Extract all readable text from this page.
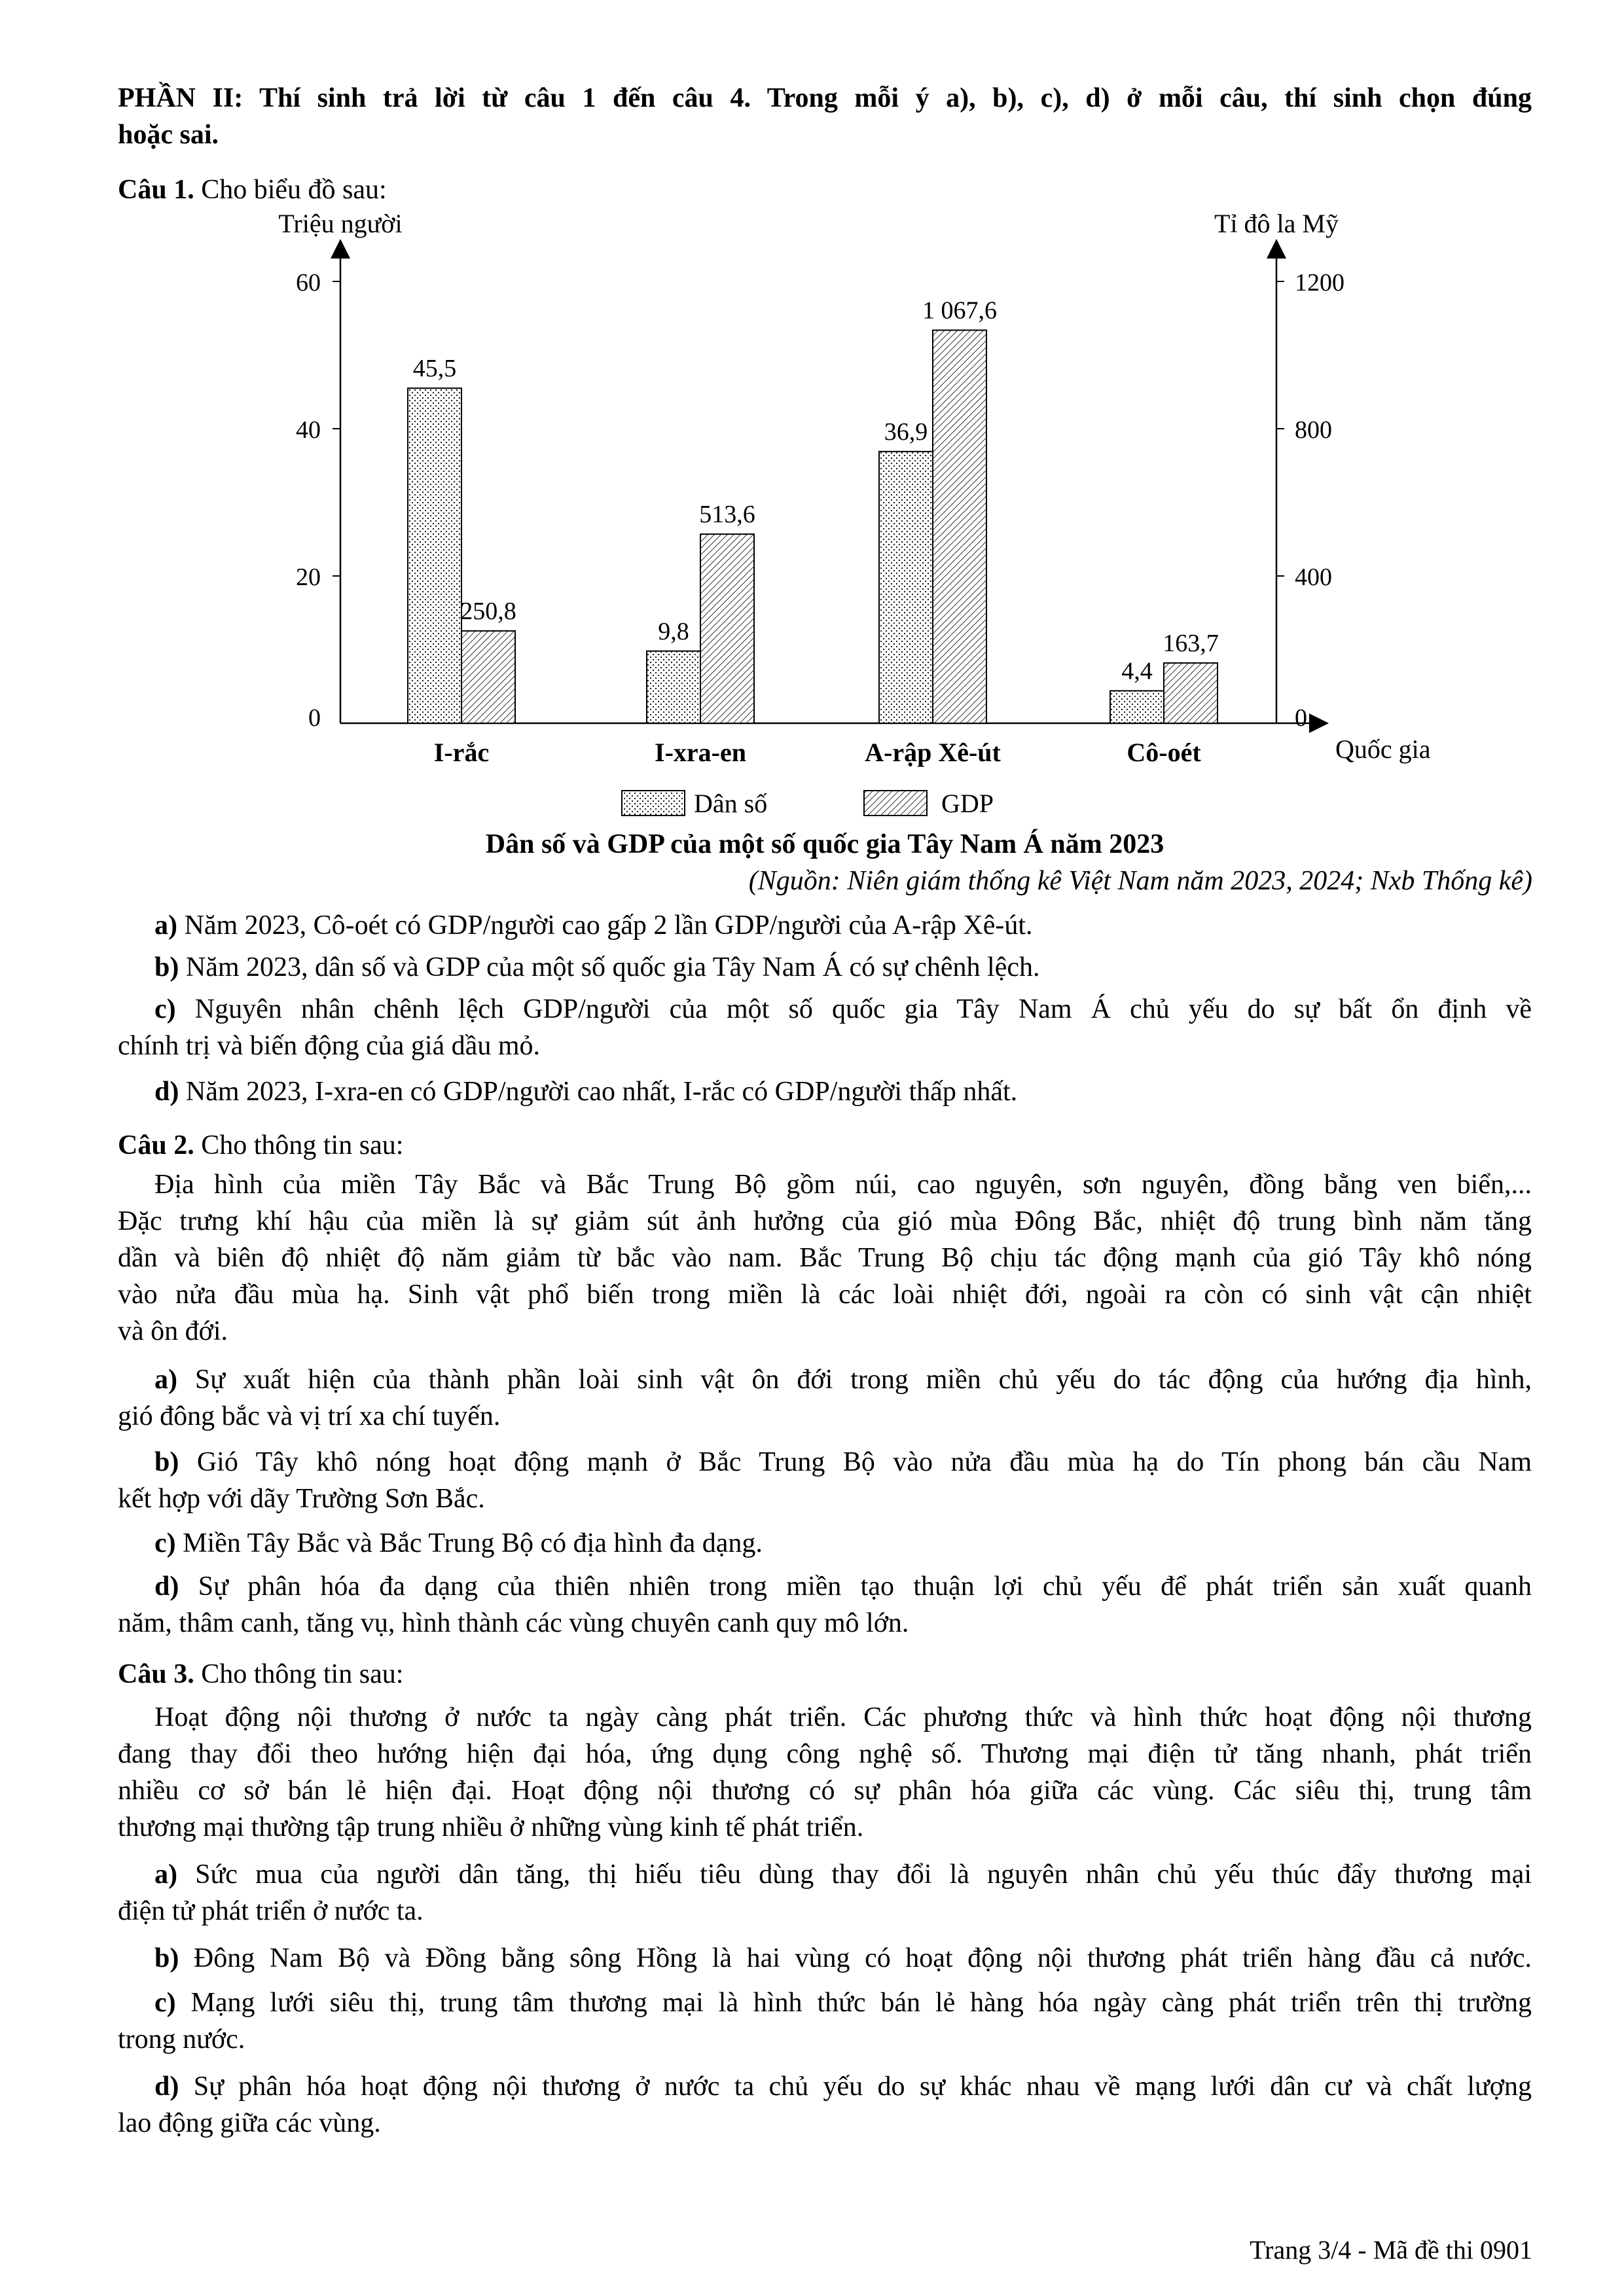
PHẦN II: Thí sinh trả lời từ câu 1 đến câu 4. Trong mỗi ý a), b), c), d) ở mỗi câu, thí sinh chọn đúng
hoặc sai.
Câu 1. Cho biểu đồ sau:
Triệu người	Tỉ đô la Mỹ
Quốc gia
0
20
40
60
0
400
800
1200
45,5
250,8
I-rắc
9,8
513,6
I-xra-en
36,9
1 067,6
A-rập Xê-út
4,4
163,7
Cô-oét
Dân số	GDP
Dân số và GDP của một số quốc gia Tây Nam Á năm 2023
(Nguồn: Niên giám thống kê Việt Nam năm 2023, 2024; Nxb Thống kê)
a) Năm 2023, Cô-oét có GDP/người cao gấp 2 lần GDP/người của A-rập Xê-út.
b) Năm 2023, dân số và GDP của một số quốc gia Tây Nam Á có sự chênh lệch.
c) Nguyên nhân chênh lệch GDP/người của một số quốc gia Tây Nam Á chủ yếu do sự bất ổn định về
chính trị và biến động của giá dầu mỏ.
d) Năm 2023, I-xra-en có GDP/người cao nhất, I-rắc có GDP/người thấp nhất.
Câu 2. Cho thông tin sau:
Địa hình của miền Tây Bắc và Bắc Trung Bộ gồm núi, cao nguyên, sơn nguyên, đồng bằng ven biển,...
Đặc trưng khí hậu của miền là sự giảm sút ảnh hưởng của gió mùa Đông Bắc, nhiệt độ trung bình năm tăng
dần và biên độ nhiệt độ năm giảm từ bắc vào nam. Bắc Trung Bộ chịu tác động mạnh của gió Tây khô nóng
vào nửa đầu mùa hạ. Sinh vật phổ biến trong miền là các loài nhiệt đới, ngoài ra còn có sinh vật cận nhiệt
và ôn đới.
a) Sự xuất hiện của thành phần loài sinh vật ôn đới trong miền chủ yếu do tác động của hướng địa hình,
gió đông bắc và vị trí xa chí tuyến.
b) Gió Tây khô nóng hoạt động mạnh ở Bắc Trung Bộ vào nửa đầu mùa hạ do Tín phong bán cầu Nam
kết hợp với dãy Trường Sơn Bắc.
c) Miền Tây Bắc và Bắc Trung Bộ có địa hình đa dạng.
d) Sự phân hóa đa dạng của thiên nhiên trong miền tạo thuận lợi chủ yếu để phát triển sản xuất quanh
năm, thâm canh, tăng vụ, hình thành các vùng chuyên canh quy mô lớn.
Câu 3. Cho thông tin sau:
Hoạt động nội thương ở nước ta ngày càng phát triển. Các phương thức và hình thức hoạt động nội thương
đang thay đổi theo hướng hiện đại hóa, ứng dụng công nghệ số. Thương mại điện tử tăng nhanh, phát triển
nhiều cơ sở bán lẻ hiện đại. Hoạt động nội thương có sự phân hóa giữa các vùng. Các siêu thị, trung tâm
thương mại thường tập trung nhiều ở những vùng kinh tế phát triển.
a) Sức mua của người dân tăng, thị hiếu tiêu dùng thay đổi là nguyên nhân chủ yếu thúc đẩy thương mại
điện tử phát triển ở nước ta.
b) Đông Nam Bộ và Đồng bằng sông Hồng là hai vùng có hoạt động nội thương phát triển hàng đầu cả nước.
c) Mạng lưới siêu thị, trung tâm thương mại là hình thức bán lẻ hàng hóa ngày càng phát triển trên thị trường
trong nước.
d) Sự phân hóa hoạt động nội thương ở nước ta chủ yếu do sự khác nhau về mạng lưới dân cư và chất lượng
lao động giữa các vùng.
Trang 3/4 - Mã đề thi 0901
